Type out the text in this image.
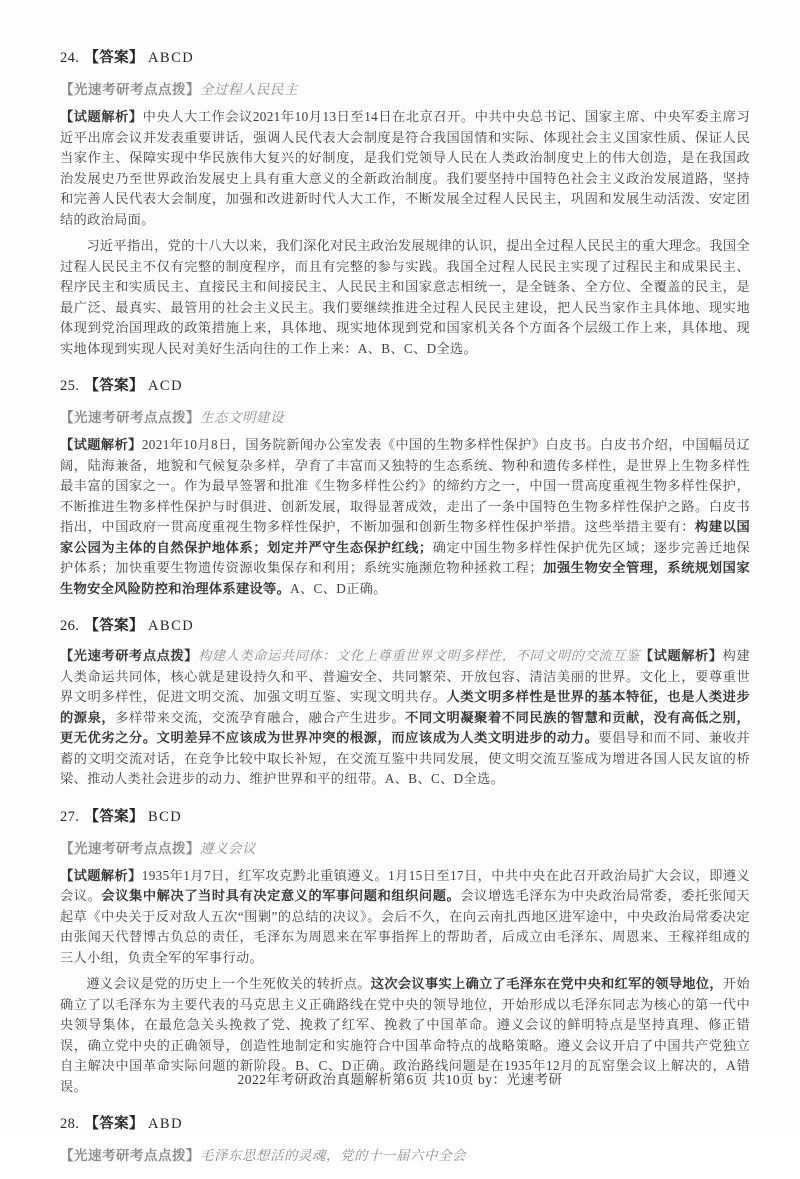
24. 【答案】 ABCD
【光速考研考点点拨】全过程人民民主

【试题解析】中央人大工作会议2021年10月13日至14日在北京召开。中共中央总书记、国家主席、中央军委主席习近平出席会议并发表重要讲话，强调人民代表大会制度是符合我国国情和实际、体现社会主义国家性质、保证人民当家作主、保障实现中华民族伟大复兴的好制度，是我们党领导人民在人类政治制度史上的伟大创造，是在我国政治发展史乃至世界政治发展史上具有重大意义的全新政治制度。我们要坚持中国特色社会主义政治发展道路，坚持和完善人民代表大会制度，加强和改进新时代人大工作，不断发展全过程人民民主，巩固和发展生动活泼、安定团结的政治局面。

习近平指出，党的十八大以来，我们深化对民主政治发展规律的认识，提出全过程人民民主的重大理念。我国全过程人民民主不仅有完整的制度程序，而且有完整的参与实践。我国全过程人民民主实现了过程民主和成果民主、程序民主和实质民主、直接民主和间接民主、人民民主和国家意志相统一，是全链条、全方位、全覆盖的民主，是最广泛、最真实、最管用的社会主义民主。我们要继续推进全过程人民民主建设，把人民当家作主具体地、现实地体现到党治国理政的政策措施上来，具体地、现实地体现到党和国家机关各个方面各个层级工作上来，具体地、现实地体现到实现人民对美好生活向往的工作上来：A、B、C、D全选。

25. 【答案】 ACD
【光速考研考点点拨】生态文明建设

【试题解析】2021年10月8日，国务院新闻办公室发表《中国的生物多样性保护》白皮书。白皮书介绍，中国幅员辽阔，陆海兼备，地貌和气候复杂多样，孕育了丰富而又独特的生态系统、物种和遗传多样性，是世界上生物多样性最丰富的国家之一。作为最早签署和批准《生物多样性公约》的缔约方之一，中国一贯高度重视生物多样性保护，不断推进生物多样性保护与时俱进、创新发展，取得显著成效，走出了一条中国特色生物多样性保护之路。白皮书指出，中国政府一贯高度重视生物多样性保护，不断加强和创新生物多样性保护举措。这些举措主要有：构建以国家公园为主体的自然保护地体系；划定并严守生态保护红线；确定中国生物多样性保护优先区域；逐步完善迁地保护体系；加快重要生物遗传资源收集保存和利用；系统实施濒危物种拯救工程；加强生物安全管理，系统规划国家生物安全风险防控和治理体系建设等。A、C、D正确。

26. 【答案】 ABCD

【光速考研考点点拨】构建人类命运共同体：文化上尊重世界文明多样性，不同文明的交流互鉴【试题解析】构建人类命运共同体，核心就是建设持久和平、普遍安全、共同繁荣、开放包容、清洁美丽的世界。文化上，要尊重世界文明多样性，促进文明交流、加强文明互鉴、实现文明共存。人类文明多样性是世界的基本特征，也是人类进步的源泉，多样带来交流，交流孕育融合，融合产生进步。不同文明凝聚着不同民族的智慧和贡献，没有高低之别，更无优劣之分。文明差异不应该成为世界冲突的根源，而应该成为人类文明进步的动力。要倡导和而不同、兼收并蓄的文明交流对话，在竞争比较中取长补短，在交流互鉴中共同发展，使文明交流互鉴成为增进各国人民友谊的桥梁、推动人类社会进步的动力、维护世界和平的纽带。A、B、C、D全选。

27. 【答案】 BCD
【光速考研考点点拨】遵义会议

【试题解析】1935年1月7日，红军攻克黔北重镇遵义。1月15日至17日，中共中央在此召开政治局扩大会议，即遵义会议。会议集中解决了当时具有决定意义的军事问题和组织问题。会议增选毛泽东为中央政治局常委，委托张闻天起草《中央关于反对敌人五次“围剿”的总结的决议》。会后不久，在向云南扎西地区进军途中，中央政治局常委决定由张闻天代替博古负总的责任，毛泽东为周恩来在军事指挥上的帮助者，后成立由毛泽东、周恩来、王稼祥组成的三人小组，负责全军的军事行动。

遵义会议是党的历史上一个生死攸关的转折点。这次会议事实上确立了毛泽东在党中央和红军的领导地位，开始确立了以毛泽东为主要代表的马克思主义正确路线在党中央的领导地位，开始形成以毛泽东同志为核心的第一代中央领导集体，在最危急关头挽救了党、挽救了红军、挽救了中国革命。遵义会议的鲜明特点是坚持真理、修正错误，确立党中央的正确领导，创造性地制定和实施符合中国革命特点的战略策略。遵义会议开启了中国共产党独立自主解决中国革命实际问题的新阶段。B、C、D正确。政治路线问题是在1935年12月的瓦窑堡会议上解决的，A错误。

28. 【答案】 ABD
【光速考研考点点拨】毛泽东思想活的灵魂，党的十一届六中全会
2022年考研政治真题解析第6页 共10页 by：光速考研
